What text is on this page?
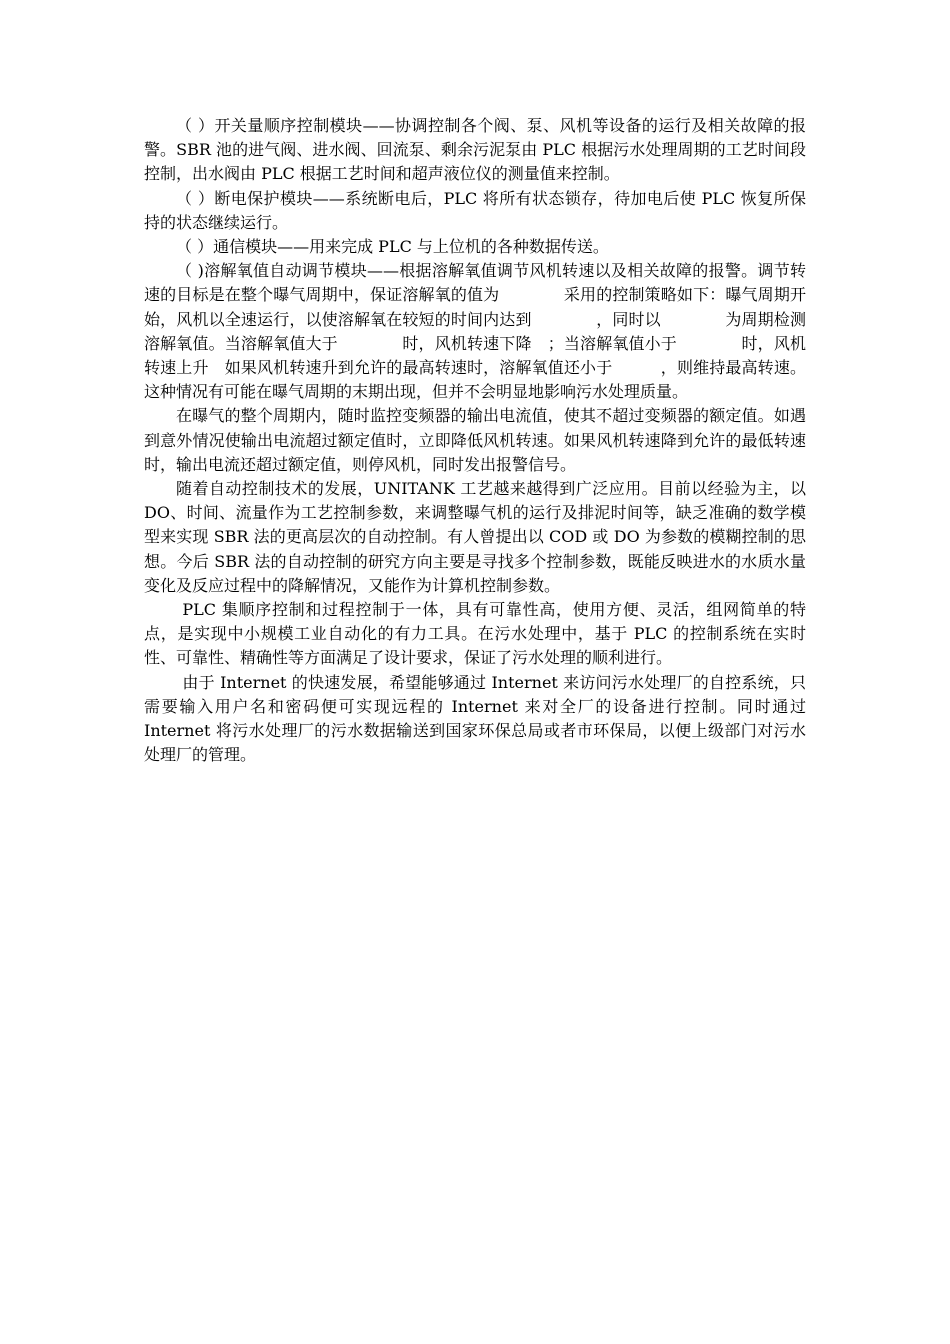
（ ）开关量顺序控制模块——协调控制各个阀、泵、风机等设备的运行及相关故障的报警。SBR 池的进气阀、进水阀、回流泵、剩余污泥泵由 PLC 根据污水处理周期的工艺时间段控制，出水阀由 PLC 根据工艺时间和超声液位仪的测量值来控制。

（ ）断电保护模块——系统断电后，PLC 将所有状态锁存，待加电后使 PLC 恢复所保持的状态继续运行。

（ ）通信模块——用来完成 PLC 与上位机的各种数据传送。

（ )溶解氧值自动调节模块——根据溶解氧值调节风机转速以及相关故障的报警。调节转速的目标是在整个曝气周期中，保证溶解氧的值为　　　　采用的控制策略如下：曝气周期开始，风机以全速运行，以使溶解氧在较短的时间内达到　　　　，同时以　　　　为周期检测溶解氧值。当溶解氧值大于　　　　时，风机转速下降　；当溶解氧值小于　　　　时，风机转速上升　如果风机转速升到允许的最高转速时，溶解氧值还小于　　　，则维持最高转速。这种情况有可能在曝气周期的末期出现，但并不会明显地影响污水处理质量。

在曝气的整个周期内，随时监控变频器的输出电流值，使其不超过变频器的额定值。如遇到意外情况使输出电流超过额定值时，立即降低风机转速。如果风机转速降到允许的最低转速时，输出电流还超过额定值，则停风机，同时发出报警信号。

随着自动控制技术的发展，UNITANK 工艺越来越得到广泛应用。目前以经验为主，以 DO、时间、流量作为工艺控制参数，来调整曝气机的运行及排泥时间等，缺乏准确的数学模型来实现 SBR 法的更高层次的自动控制。有人曾提出以 COD 或 DO 为参数的模糊控制的思想。今后 SBR 法的自动控制的研究方向主要是寻找多个控制参数，既能反映进水的水质水量变化及反应过程中的降解情况，又能作为计算机控制参数。

PLC 集顺序控制和过程控制于一体，具有可靠性高，使用方便、灵活，组网简单的特点，是实现中小规模工业自动化的有力工具。在污水处理中，基于 PLC 的控制系统在实时性、可靠性、精确性等方面满足了设计要求，保证了污水处理的顺利进行。

由于 Internet 的快速发展，希望能够通过 Internet 来访问污水处理厂的自控系统，只需要输入用户名和密码便可实现远程的 Internet 来对全厂的设备进行控制。同时通过 Internet 将污水处理厂的污水数据输送到国家环保总局或者市环保局，以便上级部门对污水处理厂的管理。
